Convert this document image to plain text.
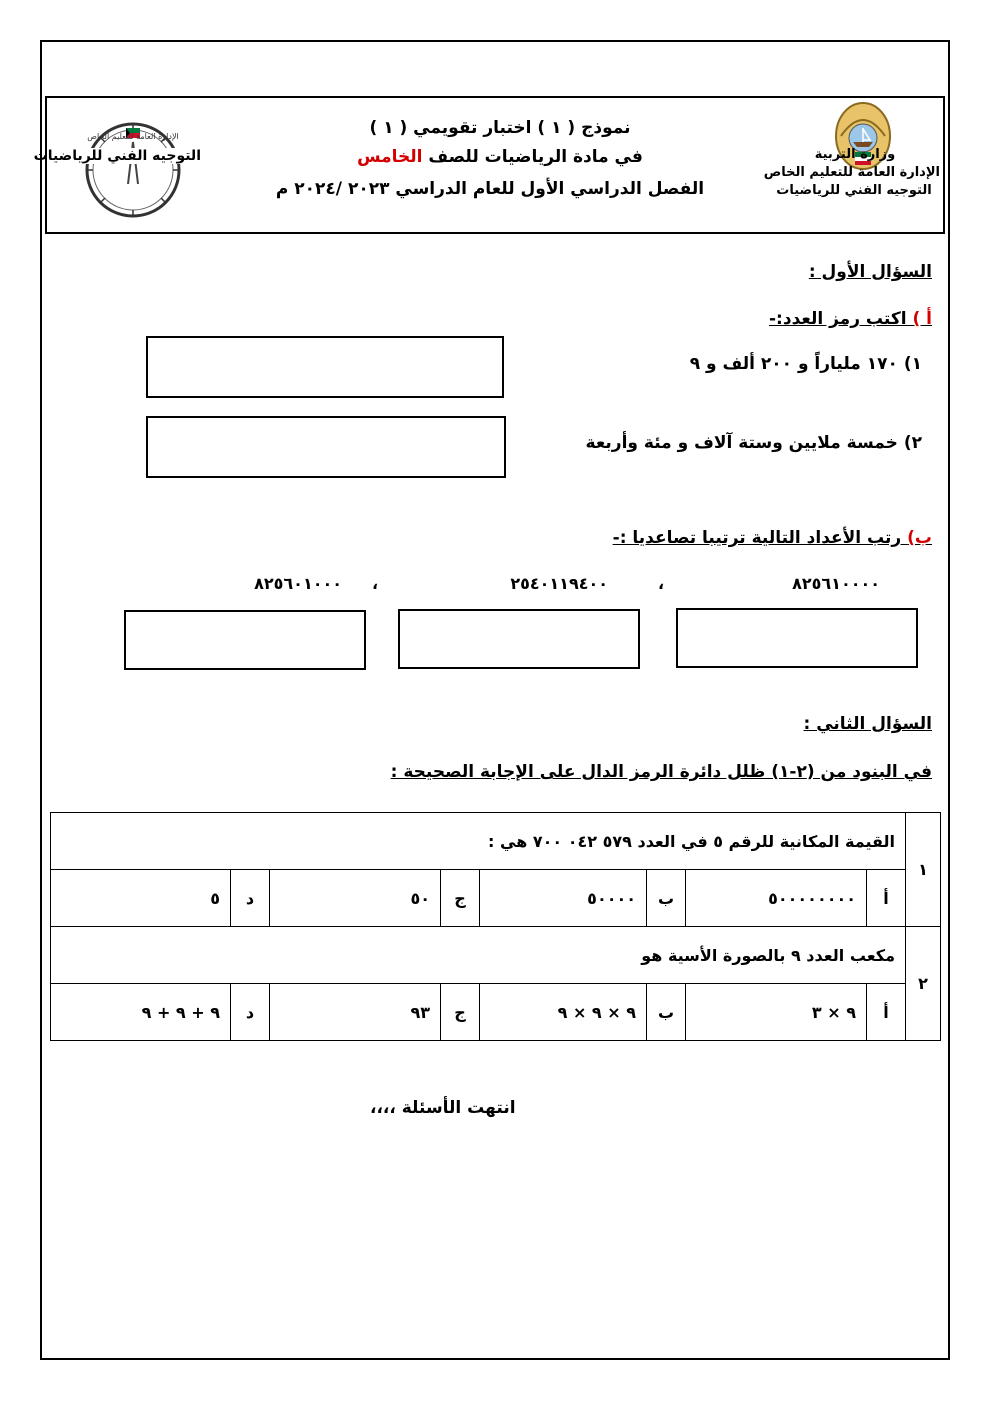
وزارة التربية
الإدارة العامة للتعليم الخاص
التوجيه الفني للرياضيات
نموذج ( ١ ) اختبار تقويمي ( ١ )
في مادة الرياضيات للصف الخامس
الفصل الدراسي الأول للعام الدراسي ٢٠٢٣ /٢٠٢٤ م
الإدارة العامة للتعليم الخاص
التوجيه الفني للرياضيات
السؤال الأول :
أ ) اكتب رمز العدد:-
١) ١٧٠ ملياراً و ٢٠٠ ألف و ٩
٢) خمسة ملايين وستة آلاف و مئة وأربعة
ب) رتب الأعداد التالية ترتيبا تصاعديا :-
٨٢٥٦١٠٠٠٠
،
٢٥٤٠١١٩٤٠٠
،
٨٢٥٦٠١٠٠٠
السؤال الثاني :
في البنود من (٢-١) ظلل دائرة الرمز الدال على الإجابة الصحيحة :
١	القيمة المكانية للرقم ٥ في العدد ٥٧٩ ٠٤٢ ٧٠٠ هي :							
	أ	٥٠٠٠٠٠٠٠٠	ب	٥٠٠٠٠	ج	٥٠	د	٥
٢	مكعب العدد ٩ بالصورة الأسية هو							
	أ	٩ × ٣	ب	٩ × ٩ × ٩	ج	٩٣	د	٩ + ٩ + ٩
انتهت الأسئلة ،،،،
